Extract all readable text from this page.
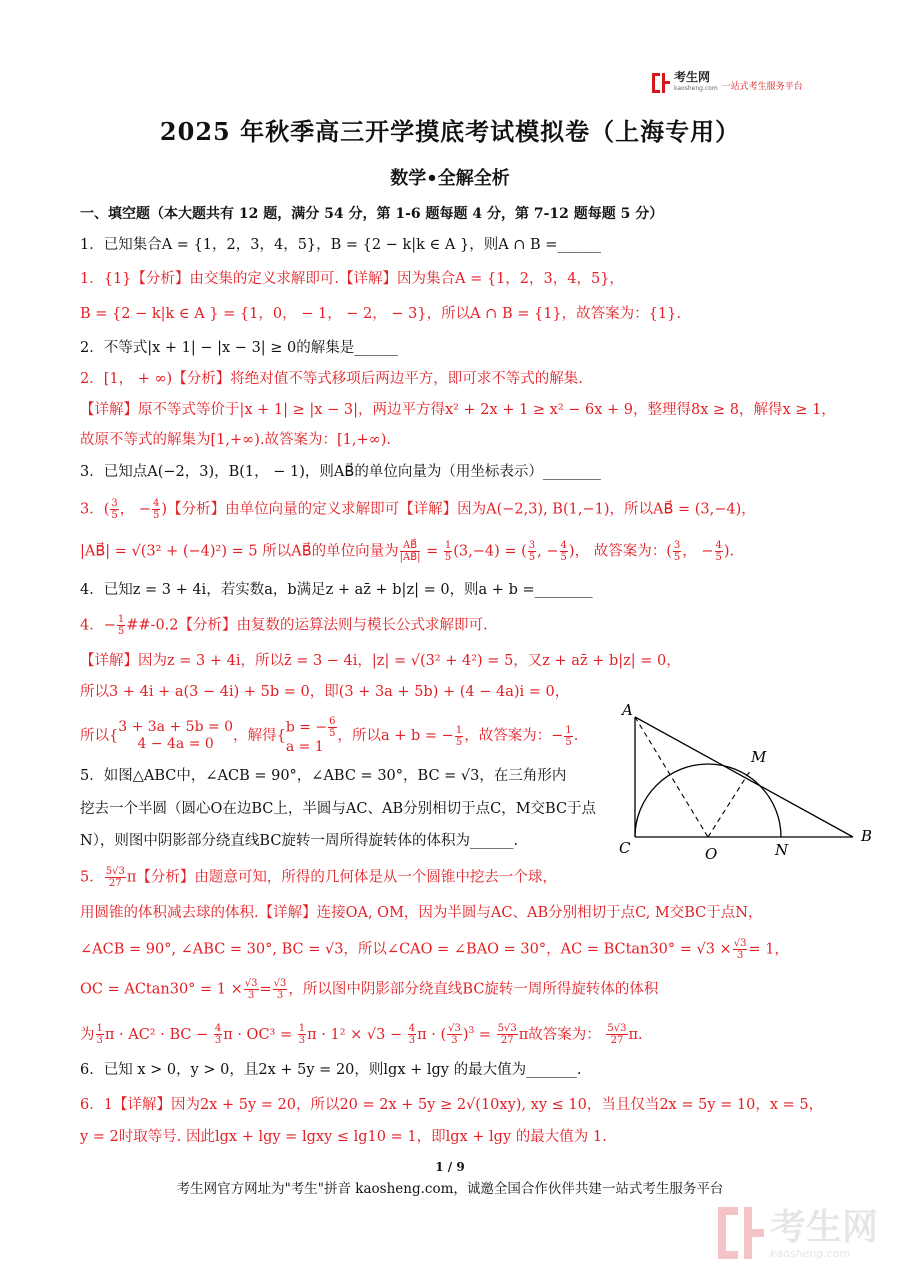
考生网
kaosheng.com 一站式考生服务平台
2025 年秋季高三开学摸底考试模拟卷（上海专用）
数学•全解全析
一、填空题（本大题共有 12 题，满分 54 分，第 1-6 题每题 4 分，第 7-12 题每题 5 分）
1．已知集合A = {1，2，3，4，5}，B = {2 − k|k ∈ A }，则A ∩ B =______
1．{1}【分析】由交集的定义求解即可.【详解】因为集合A = {1，2，3，4，5}，
B = {2 − k|k ∈ A } = {1，0， − 1， − 2， − 3}，所以A ∩ B = {1}，故答案为：{1}.
2．不等式|x + 1| − |x − 3| ≥ 0的解集是______
2．[1， + ∞)【分析】将绝对值不等式移项后两边平方，即可求不等式的解集.
【详解】原不等式等价于|x + 1| ≥ |x − 3|，两边平方得x² + 2x + 1 ≥ x² − 6x + 9，整理得8x ≥ 8，解得x ≥ 1，
故原不等式的解集为[1,+∞).故答案为：[1,+∞).
3．已知点A(−2，3)，B(1， − 1)，则AB⃗的单位向量为（用坐标表示）________
3．( $\frac{3}{5}$ ， − $\frac{4}{5}$ )【分析】由单位向量的定义求解即可【详解】因为A(−2,3), B(1,−1)，所以AB⃗ = (3,−4)，
|AB⃗| = √(3² + (−4)²) = 5 所以AB⃗的单位向量为 $\frac{AB⃗}{|AB⃗|} = \frac{1}{5} (3,-4)$ = ( $\frac{3}{5}$ , − $\frac{4}{5}$ )， 故答案为：( $\frac{3}{5}$ ， − $\frac{4}{5}$ ).
4．已知z = 3 + 4i，若实数a，b满足z + az̄ + b|z| = 0，则a + b =________
4．− $\frac{1}{5}$ ##-0.2【分析】由复数的运算法则与模长公式求解即可.
【详解】因为z = 3 + 4i，所以z̄ = 3 − 4i，|z| = √(3² + 4²) = 5，又z + az̄ + b|z| = 0，
所以3 + 4i + a(3 − 4i) + 5b = 0，即(3 + 3a + 5b) + (4 − 4a)i = 0，
所以{
3 + 3a + 5b = 0
4 − 4a = 0	，解得{
b = − $\frac{6}{5}$
a = 1
，所以a + b = − $\frac{1}{5}$ ，故答案为：− $\frac{1}{5}$ .
5．如图△ABC中，∠ACB = 90°，∠ABC = 30°，BC = √3，在三角形内
挖去一个半圆（圆心O在边BC上，半圆与AC、AB分别相切于点C，M交BC于点
N），则图中阴影部分绕直线BC旋转一周所得旋转体的体积为______.
A
M
C	O	N
B
5． $\frac{5√3}{27}$ π【分析】由题意可知，所得的几何体是从一个圆锥中挖去一个球，
用圆锥的体积减去球的体积.【详解】连接OA, OM，因为半圆与AC、AB分别相切于点C, M交BC于点N，
∠ACB = 90°, ∠ABC = 30°, BC = √3，所以∠CAO = ∠BAO = 30°，AC = $BCtan30^\circ = √3 \times \frac{√3}{3} = 1$，
OC = $ACtan30^\circ = 1 \times \frac{√3}{3} = \frac{√3}{3}$ ，所以图中阴影部分绕直线BC旋转一周所得旋转体的体积
为 $\frac{1}{3}$ π · AC² · BC − $\frac{4}{3}$ $\pi \cdot OC^3 = \frac{1}{3}$ $\pi \cdot 1^2 \times √3 - \frac{4}{3}$ π · ( $\frac{√3}{3} )^3 = \frac{5√3}{27}$ π故答案为： $\frac{5√3}{27} \pi$.
6．已知 x > 0，y > 0，且2x + 5y = 20，则lgx + lgy 的最大值为_______.
6．1【详解】因为2x + 5y = 20，所以20 = 2x + 5y ≥ 2√(10xy), xy ≤ 10，当且仅当2x = 5y = 10，x = 5，
y = 2时取等号. 因此lgx + lgy = lgxy ≤ lg10 = 1，即lgx + lgy 的最大值为 1.
1 / 9
考生网官方网址为"考生"拼音 kaosheng.com，诚邀全国合作伙伴共建一站式考生服务平台
考生网
kaosheng.com
